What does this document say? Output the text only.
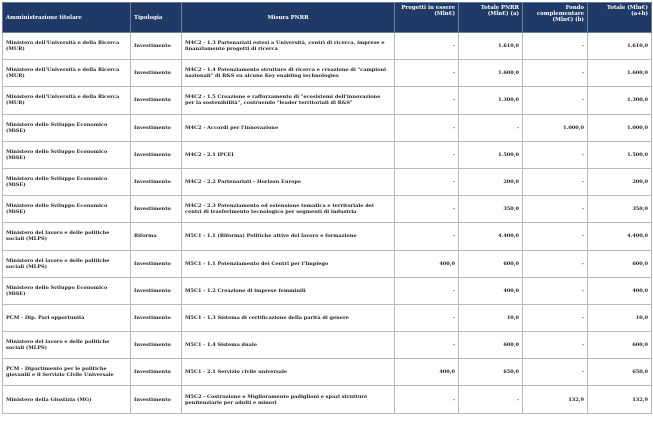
Amministrazione titolare	Tipologia	Misura PNRR	Progetti in essere (Mln€)	Totale PNRR (Mln€) (a)	Fondo complementare (Mln€) (b)	Totale (Mln€) (a+b)
Ministero dell'Università e della Ricerca (MUR)	Investimento	M4C2 - 1.3 Partenariati estesi a Università, centri di ricerca, imprese e finanziamento progetti di ricerca	-	1.610,0	-	1.610,0
Ministero dell'Università e della Ricerca (MUR)	Investimento	M4C2 - 1.4 Potenziamento strutture di ricerca e creazione di "campioni nazionali" di R&S su alcune Key enabling technologies	-	1.600,0	-	1.600,0
Ministero dell'Università e della Ricerca (MUR)	Investimento	M4C2 - 1.5 Creazione e rafforzamento di "ecosistemi dell'innovazione per la sostenibilità", costruendo "leader territoriali di R&S"	-	1.300,0	-	1.300,0
Ministero dello Sviluppo Economico (MiSE)	Investimento	M4C2 - Accordi per l'innovazione	-	-	1.000,0	1.000,0
Ministero dello Sviluppo Economico (MiSE)	Investimento	M4C2 - 2.1 IPCEI	-	1.500,0	-	1.500,0
Ministero dello Sviluppo Economico (MiSE)	Investimento	M4C2 - 2.2 Partenariati - Horizon Europe	-	200,0	-	200,0
Ministero dello Sviluppo Economico (MiSE)	Investimento	M4C2 - 2.3 Potenziamento ed estensione tematica e territoriale dei centri di trasferimento tecnologico per segmenti di industria	-	350,0	-	350,0
Ministero del lavoro e delle politiche sociali (MLPS)	Riforma	M5C1 - 1.1 (Riforma) Politiche attive del lavoro e formazione	-	4.400,0	-	4.400,0
Ministero del lavoro e delle politiche sociali (MLPS)	Investimento	M5C1 - 1.1 Potenziamento dei Centri per l'Impiego	400,0	600,0	-	600,0
Ministero dello Sviluppo Economico (MiSE)	Investimento	M5C1 - 1.2 Creazione di imprese femminili	-	400,0	-	400,0
PCM - Dip. Pari opportunità	Investimento	M5C1 - 1.3 Sistema di certificazione della parità di genere	-	10,0	-	10,0
Ministero del lavoro e delle politiche sociali (MLPS)	Investimento	M5C1 - 1.4 Sistema duale	-	600,0	-	600,0
PCM - Dipartimento per le politiche giovanili e il Servizio Civile Universale	Investimento	M5C1 - 2.1 Servizio civile universale	400,0	650,0	-	650,0
Ministero della Giustizia (MG)	Investimento	M5C2 - Costruzione e Miglioramento padiglioni e spazi strutture penitenziarie per adulti e minori	-	-	132,9	132,9
